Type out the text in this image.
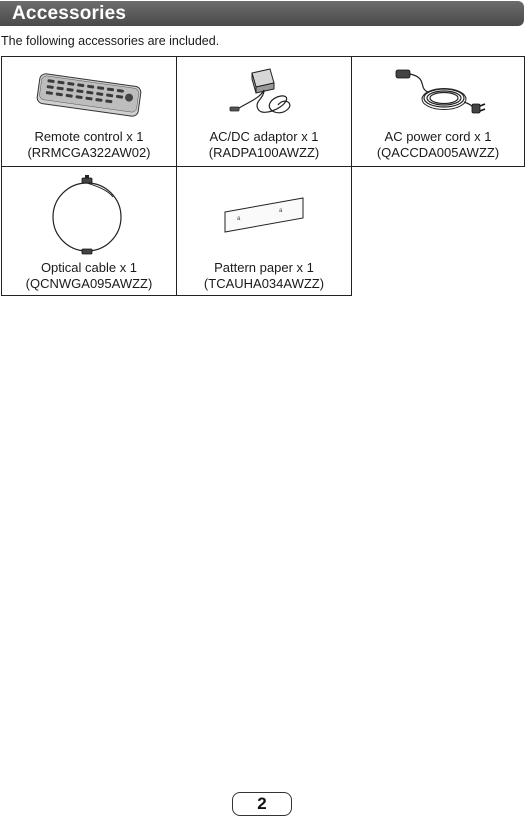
Accessories
The following accessories are included.
Remote control x 1
(RRMCGA322AW02)
AC/DC adaptor x 1
(RADPA100AWZZ)
AC power cord x 1
(QACCDA005AWZZ)
Optical cable x 1
(QCNWGA095AWZZ)
a
a
Pattern paper x 1
(TCAUHA034AWZZ)
2
